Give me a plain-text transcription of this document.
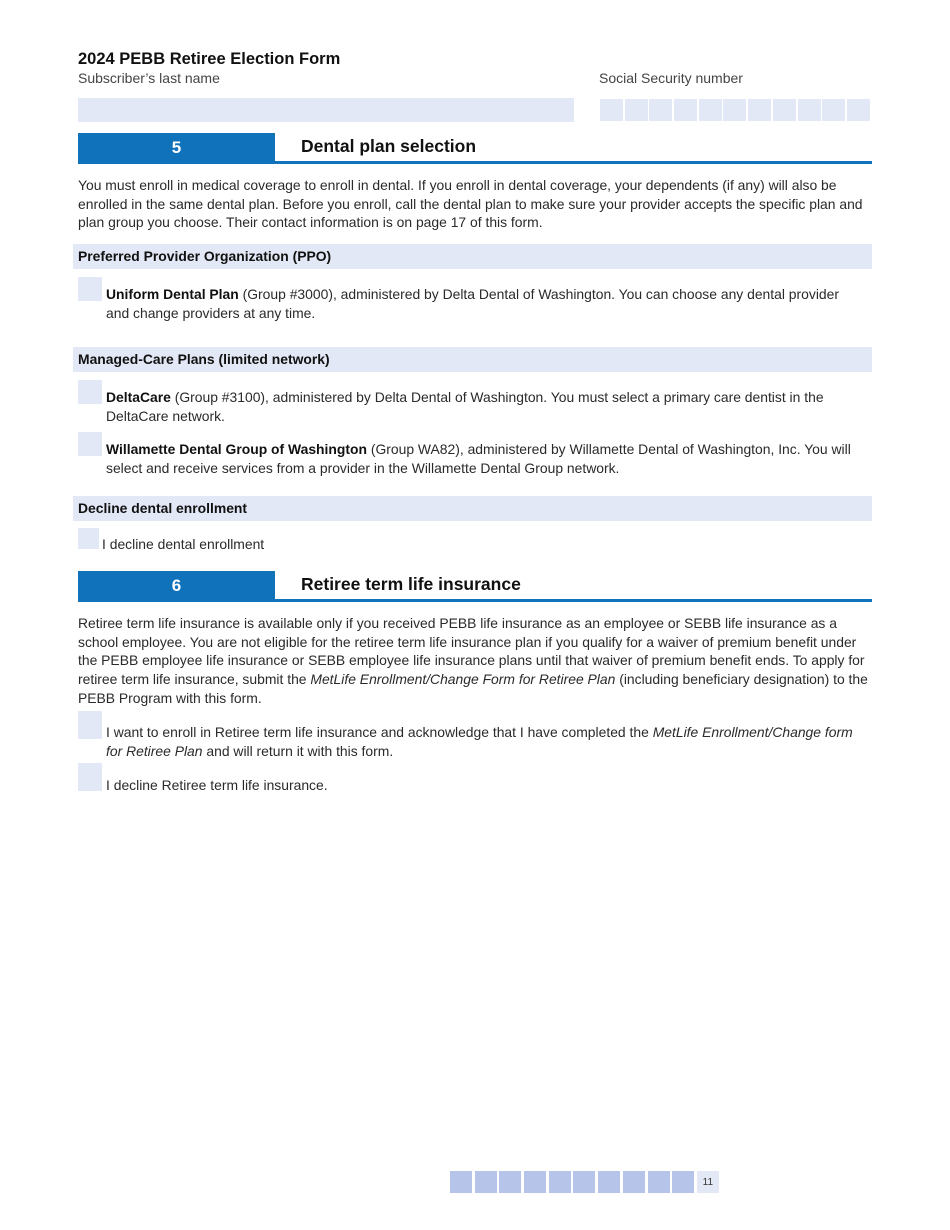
2024 PEBB Retiree Election Form
Subscriber’s last name	Social Security number
5	Dental plan selection
You must enroll in medical coverage to enroll in dental. If you enroll in dental coverage, your dependents (if any) will also be enrolled in the same dental plan. Before you enroll, call the dental plan to make sure your provider accepts the specific plan and plan group you choose. Their contact information is on page 17 of this form.
Preferred Provider Organization (PPO)
Uniform Dental Plan (Group #3000), administered by Delta Dental of Washington. You can choose any dental provider and change providers at any time.
Managed-Care Plans (limited network)
DeltaCare (Group #3100), administered by Delta Dental of Washington. You must select a primary care dentist in the DeltaCare network.
Willamette Dental Group of Washington (Group WA82), administered by Willamette Dental of Washington, Inc. You will select and receive services from a provider in the Willamette Dental Group network.
Decline dental enrollment
I decline dental enrollment
6	Retiree term life insurance
Retiree term life insurance is available only if you received PEBB life insurance as an employee or SEBB life insurance as a school employee. You are not eligible for the retiree term life insurance plan if you qualify for a waiver of premium benefit under the PEBB employee life insurance or SEBB employee life insurance plans until that waiver of premium benefit ends. To apply for retiree term life insurance, submit the MetLife Enrollment/Change Form for Retiree Plan (including beneficiary designation) to the PEBB Program with this form.
I want to enroll in Retiree term life insurance and acknowledge that I have completed the MetLife Enrollment/Change form for Retiree Plan and will return it with this form.
I decline Retiree term life insurance.
11
